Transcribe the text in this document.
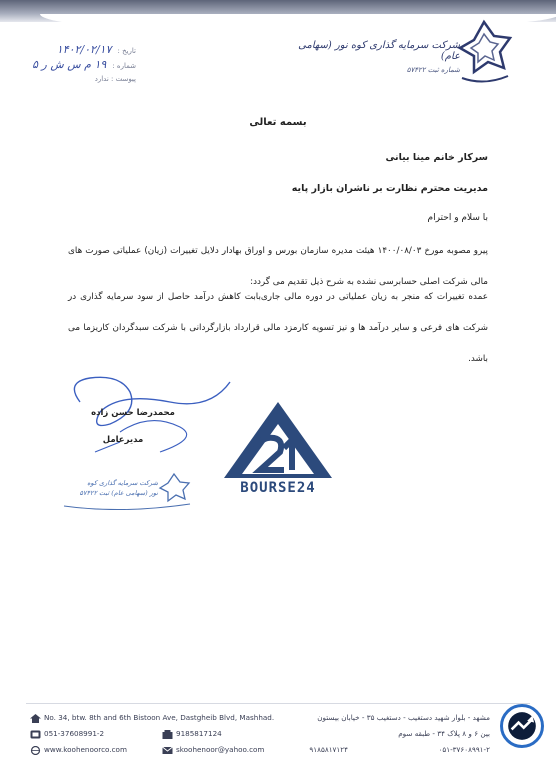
شرکت سرمایه گذاری کوه نور (سهامی عام)
شماره ثبت ۵۷۴۲۲
تاریخ :۱۴۰۲/۰۲/۱۷
شماره :۱۹ م س ش ر ۵
پیوست : ندارد
بسمه تعالی
سرکار خانم مینا بیانی
مدیریت محترم نظارت بر ناشران بازار پایه
با سلام و احترام
پیرو مصوبه مورخ ۱۴۰۰/۰۸/۰۳ هیئت مدیره سازمان بورس و اوراق بهادار دلایل تغییرات (زیان) عملیاتی صورت های مالی شرکت اصلی حسابرسی نشده به شرح ذیل تقدیم می گردد:
عمده تغییرات که منجر به زیان عملیاتی در دوره مالی جاری‌بابت کاهش درآمد حاصل از سود سرمایه گذاری در شرکت های فرعی و سایر درآمد ها و نیز تسویه کارمزد مالی قرارداد بازارگردانی با شرکت سبدگردان کاریزما می باشد.
محمدرضا حسن زاده
مدیرعامل
شرکت سرمایه گذاری کوه نور (سهامی عام) ثبت ۵۷۴۲۲	BOURSE24
No. 34, btw. 8th and 6th Bistoon Ave, Dastgheib Blvd, Mashhad.
051-37608991-2	9185817124
www.koohenoorco.com	skoohenoor@yahoo.com
مشهد - بلوار شهید دستغیب - دستغیب ۳۵ - خیابان بیستون
بین ۶ و ۸ پلاک ۳۴ - طبقه سوم
۰۵۱-۳۷۶۰۸۹۹۱-۲
۹۱۸۵۸۱۷۱۲۴
